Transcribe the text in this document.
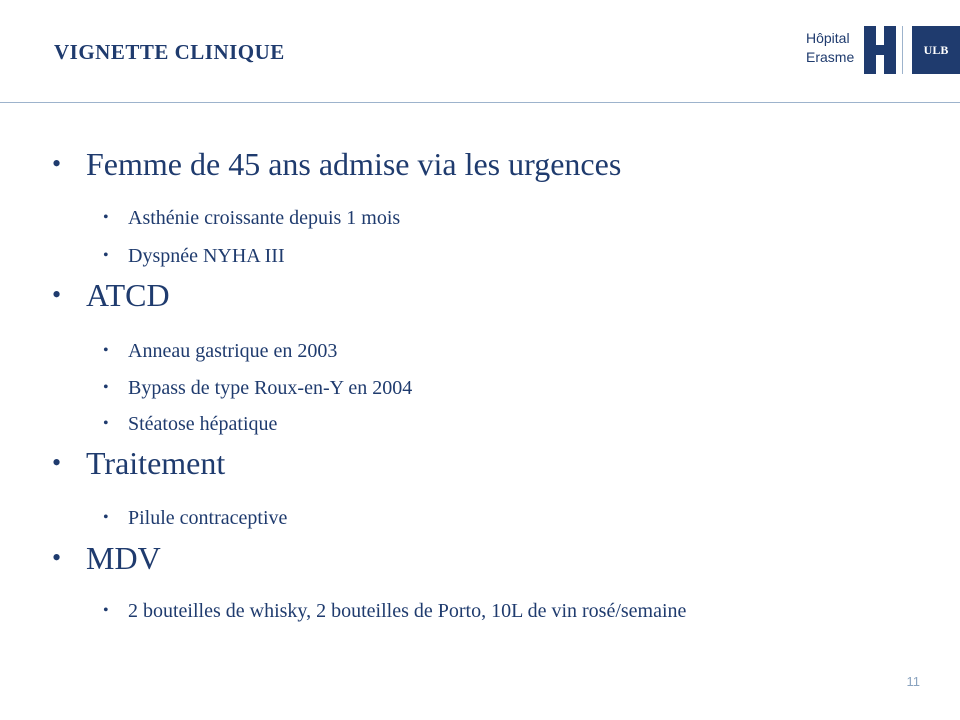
VIGNETTE CLINIQUE
Hôpital
Erasme	ULB
• Femme de 45 ans admise via les urgences
• Asthénie croissante depuis 1 mois
• Dyspnée NYHA III
• ATCD
• Anneau gastrique en 2003
• Bypass de type Roux-en-Y en 2004
• Stéatose hépatique
• Traitement
• Pilule contraceptive
• MDV
• 2 bouteilles de whisky, 2 bouteilles de Porto, 10L de vin rosé/semaine
11
